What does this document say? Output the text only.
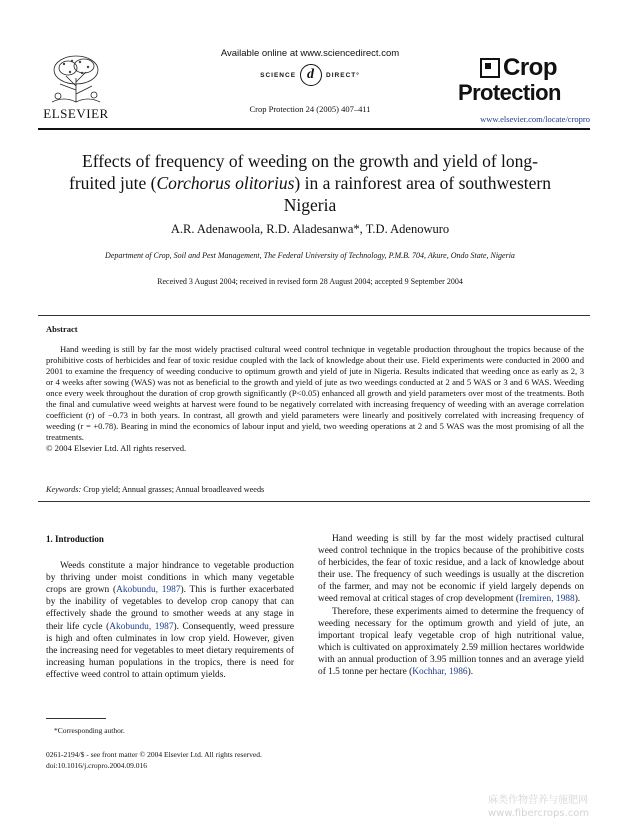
ELSEVIER
Available online at www.sciencedirect.com
SCIENCE d DIRECT°
Crop Protection 24 (2005) 407–411
Crop
Protection
www.elsevier.com/locate/cropro
Effects of frequency of weeding on the growth and yield of long-fruited jute (Corchorus olitorius) in a rainforest area of southwestern Nigeria
A.R. Adenawoola, R.D. Aladesanwa*, T.D. Adenowuro
Department of Crop, Soil and Pest Management, The Federal University of Technology, P.M.B. 704, Akure, Ondo State, Nigeria
Received 3 August 2004; received in revised form 28 August 2004; accepted 9 September 2004
Abstract
Hand weeding is still by far the most widely practised cultural weed control technique in vegetable production throughout the tropics because of the prohibitive costs of herbicides and fear of toxic residue coupled with the lack of knowledge about their use. Field experiments were conducted in 2000 and 2001 to examine the frequency of weeding conducive to optimum growth and yield of jute in Nigeria. Results indicated that weeding once as early as 2, 3 or 4 weeks after sowing (WAS) was not as beneficial to the growth and yield of jute as two weedings conducted at 2 and 5 WAS or 3 and 6 WAS. Weeding once every week throughout the duration of crop growth significantly (P<0.05) enhanced all growth and yield parameters over most of the treatments. Both the final and cumulative weed weights at harvest were found to be negatively correlated with increasing frequency of weeding with an average correlation coefficient (r) of −0.73 in both years. In contrast, all growth and yield parameters were linearly and positively correlated with increasing frequency of weeding (r = +0.78). Bearing in mind the economics of labour input and yield, two weeding operations at 2 and 5 WAS was the most promising of all the treatments.
© 2004 Elsevier Ltd. All rights reserved.
Keywords: Crop yield; Annual grasses; Annual broadleaved weeds
1. Introduction

Weeds constitute a major hindrance to vegetable production by thriving under moist conditions in which many vegetable crops are grown (Akobundu, 1987). This is further exacerbated by the inability of vegetables to develop crop canopy that can effectively shade the ground to smother weeds at any stage in their life cycle (Akobundu, 1987). Consequently, weed pressure is high and often culminates in low crop yield. However, given the increasing need for vegetables to meet dietary requirements of increasing human populations in the tropics, there is need for effective weed control to attain optimum yields.

Hand weeding is still by far the most widely practised cultural weed control technique in the tropics because of the prohibitive costs of herbicides, the fear of toxic residue, and a lack of knowledge about their use. The frequency of such weedings is usually at the discretion of the farmer, and may not be economic if yield largely depends on weed removal at critical stages of crop development (Iremiren, 1988).

Therefore, these experiments aimed to determine the frequency of weeding necessary for the optimum growth and yield of jute, an important tropical leafy vegetable crop of high nutritional value, which is cultivated on approximately 2.59 million hectares worldwide with an annual production of 3.95 million tonnes and an average yield of 1.5 tonne per hectare (Kochhar, 1986).

*Corresponding author.
0261-2194/$ - see front matter © 2004 Elsevier Ltd. All rights reserved.
doi:10.1016/j.cropro.2004.09.016
麻类作物营养与施肥网
www.fibercrops.com
